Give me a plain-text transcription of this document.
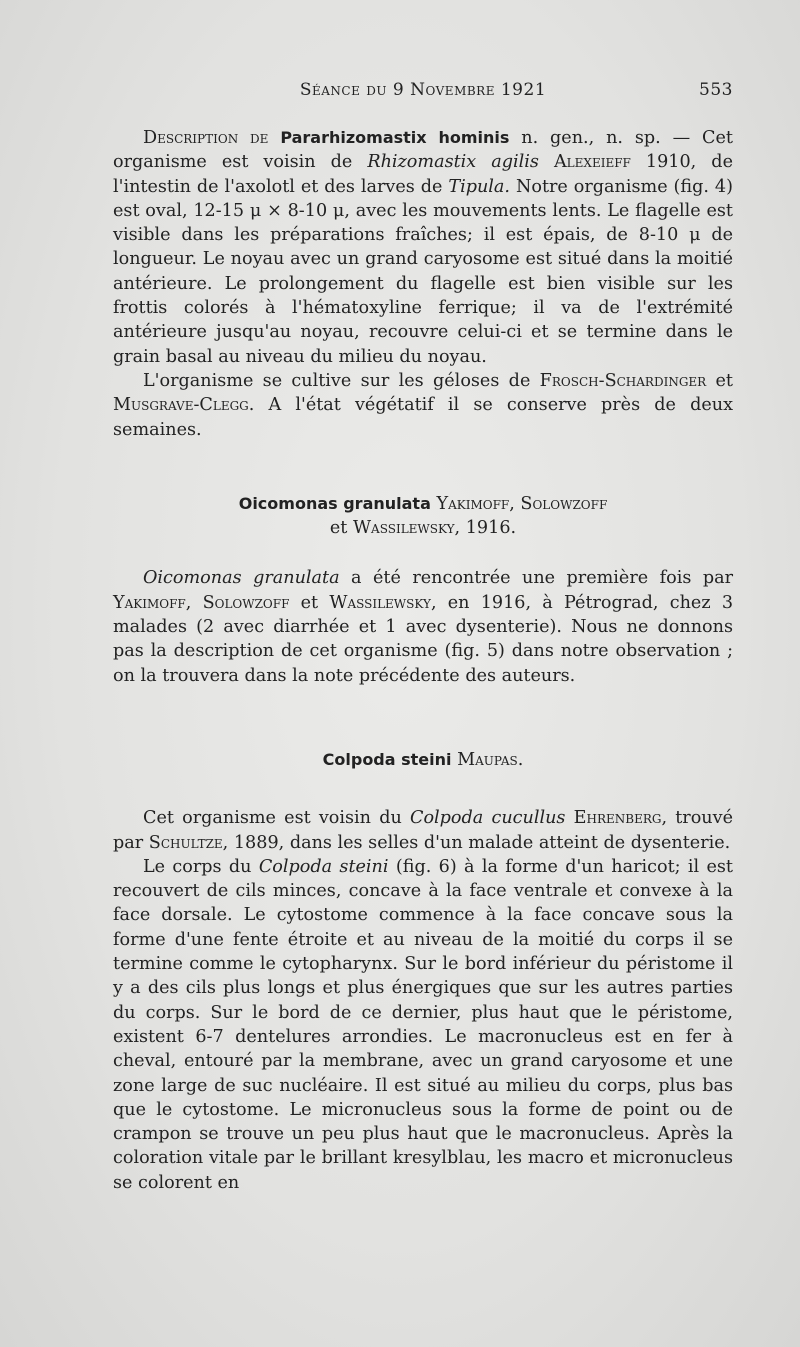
Séance du 9 Novembre 1921	553

Description de Pararhizomastix hominis n. gen., n. sp. — Cet organisme est voisin de Rhizomastix agilis Alexeieff 1910, de l'intestin de l'axolotl et des larves de Tipula. Notre organisme (fig. 4) est oval, 12-15 μ × 8-10 μ, avec les mouvements lents. Le flagelle est visible dans les préparations fraîches; il est épais, de 8-10 μ de longueur. Le noyau avec un grand caryosome est situé dans la moitié antérieure. Le prolongement du flagelle est bien visible sur les frottis colorés à l'hématoxyline ferrique; il va de l'extrémité antérieure jusqu'au noyau, recouvre celui-ci et se termine dans le grain basal au niveau du milieu du noyau.

L'organisme se cultive sur les géloses de Frosch-Schardinger et Musgrave-Clegg. A l'état végétatif il se conserve près de deux semaines.

Oicomonas granulata Yakimoff, Solowzoff
et Wassilewsky, 1916.

Oicomonas granulata a été rencontrée une première fois par Yakimoff, Solowzoff et Wassilewsky, en 1916, à Pétrograd, chez 3 malades (2 avec diarrhée et 1 avec dysenterie). Nous ne donnons pas la description de cet organisme (fig. 5) dans notre observation ; on la trouvera dans la note précédente des auteurs.

Colpoda steini Maupas.

Cet organisme est voisin du Colpoda cucullus Ehrenberg, trouvé par Schultze, 1889, dans les selles d'un malade atteint de dysenterie.

Le corps du Colpoda steini (fig. 6) à la forme d'un haricot; il est recouvert de cils minces, concave à la face ventrale et convexe à la face dorsale. Le cytostome commence à la face concave sous la forme d'une fente étroite et au niveau de la moitié du corps il se termine comme le cytopharynx. Sur le bord inférieur du péristome il y a des cils plus longs et plus énergiques que sur les autres parties du corps. Sur le bord de ce dernier, plus haut que le péristome, existent 6-7 dentelures arrondies. Le macronucleus est en fer à cheval, entouré par la membrane, avec un grand caryosome et une zone large de suc nucléaire. Il est situé au milieu du corps, plus bas que le cytostome. Le micronucleus sous la forme de point ou de crampon se trouve un peu plus haut que le macronucleus. Après la coloration vitale par le brillant kresylblau, les macro et micronucleus se colorent en
